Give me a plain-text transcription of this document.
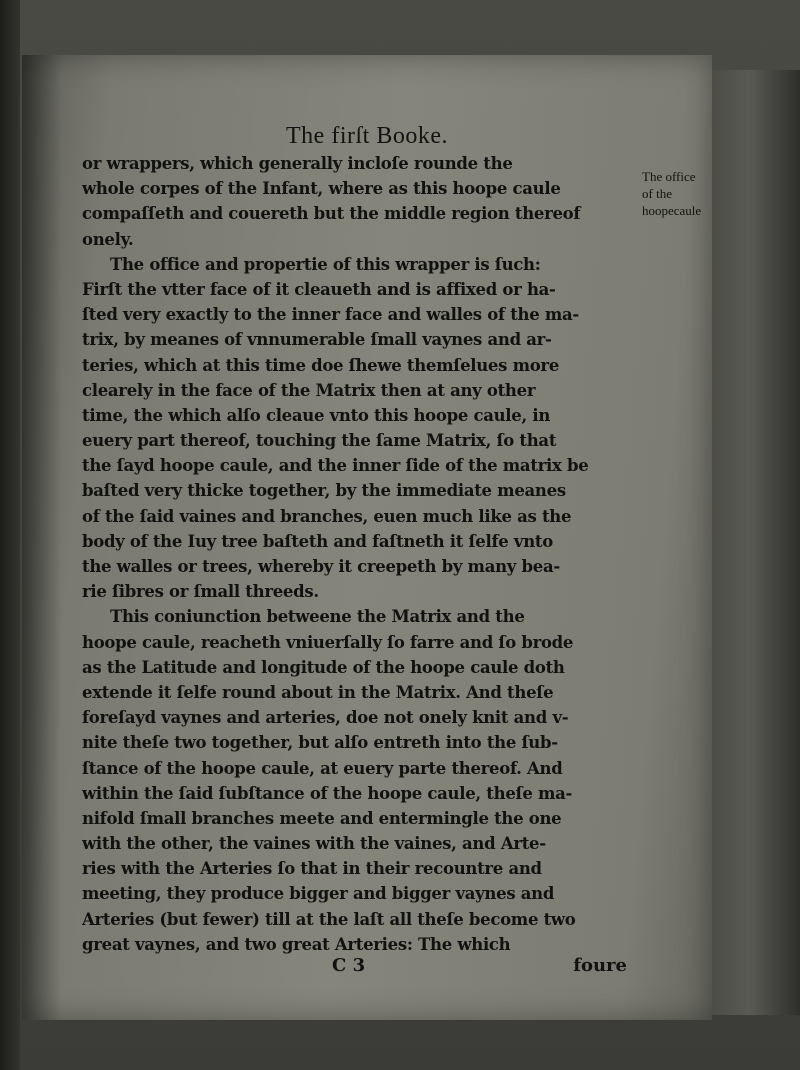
The firſt Booke.
or wrappers, which generally incloſe rounde the
whole corpes of the Infant, where as this hoope caule
compaſſeth and couereth but the middle region thereof
onely.
The office and propertie of this wrapper is ſuch:
Firſt the vtter face of it cleaueth and is affixed or ha-
ſted very exactly to the inner face and walles of the ma-
trix, by meanes of vnnumerable ſmall vaynes and ar-
teries, which at this time doe ſhewe themſelues more
clearely in the face of the Matrix then at any other
time, the which alſo cleaue vnto this hoope caule, in
euery part thereof, touching the ſame Matrix, ſo that
the ſayd hoope caule, and the inner ſide of the matrix be
baſted very thicke together, by the immediate meanes
of the ſaid vaines and branches, euen much like as the
body of the Iuy tree baſteth and faſtneth it ſelfe vnto
the walles or trees, whereby it creepeth by many bea-
rie ſibres or ſmall threeds.
This coniunction betweene the Matrix and the
hoope caule, reacheth vniuerſally ſo farre and ſo brode
as the Latitude and longitude of the hoope caule doth
extende it ſelfe round about in the Matrix. And theſe
foreſayd vaynes and arteries, doe not onely knit and v-
nite theſe two together, but alſo entreth into the ſub-
ſtance of the hoope caule, at euery parte thereof. And
within the ſaid ſubſtance of the hoope caule, theſe ma-
nifold ſmall branches meete and entermingle the one
with the other, the vaines with the vaines, and Arte-
ries with the Arteries ſo that in their recountre and
meeting, they produce bigger and bigger vaynes and
Arteries (but fewer) till at the laſt all theſe become two
great vaynes, and two great Arteries: The which
The office
of the
hoopecaule
C 3	foure
